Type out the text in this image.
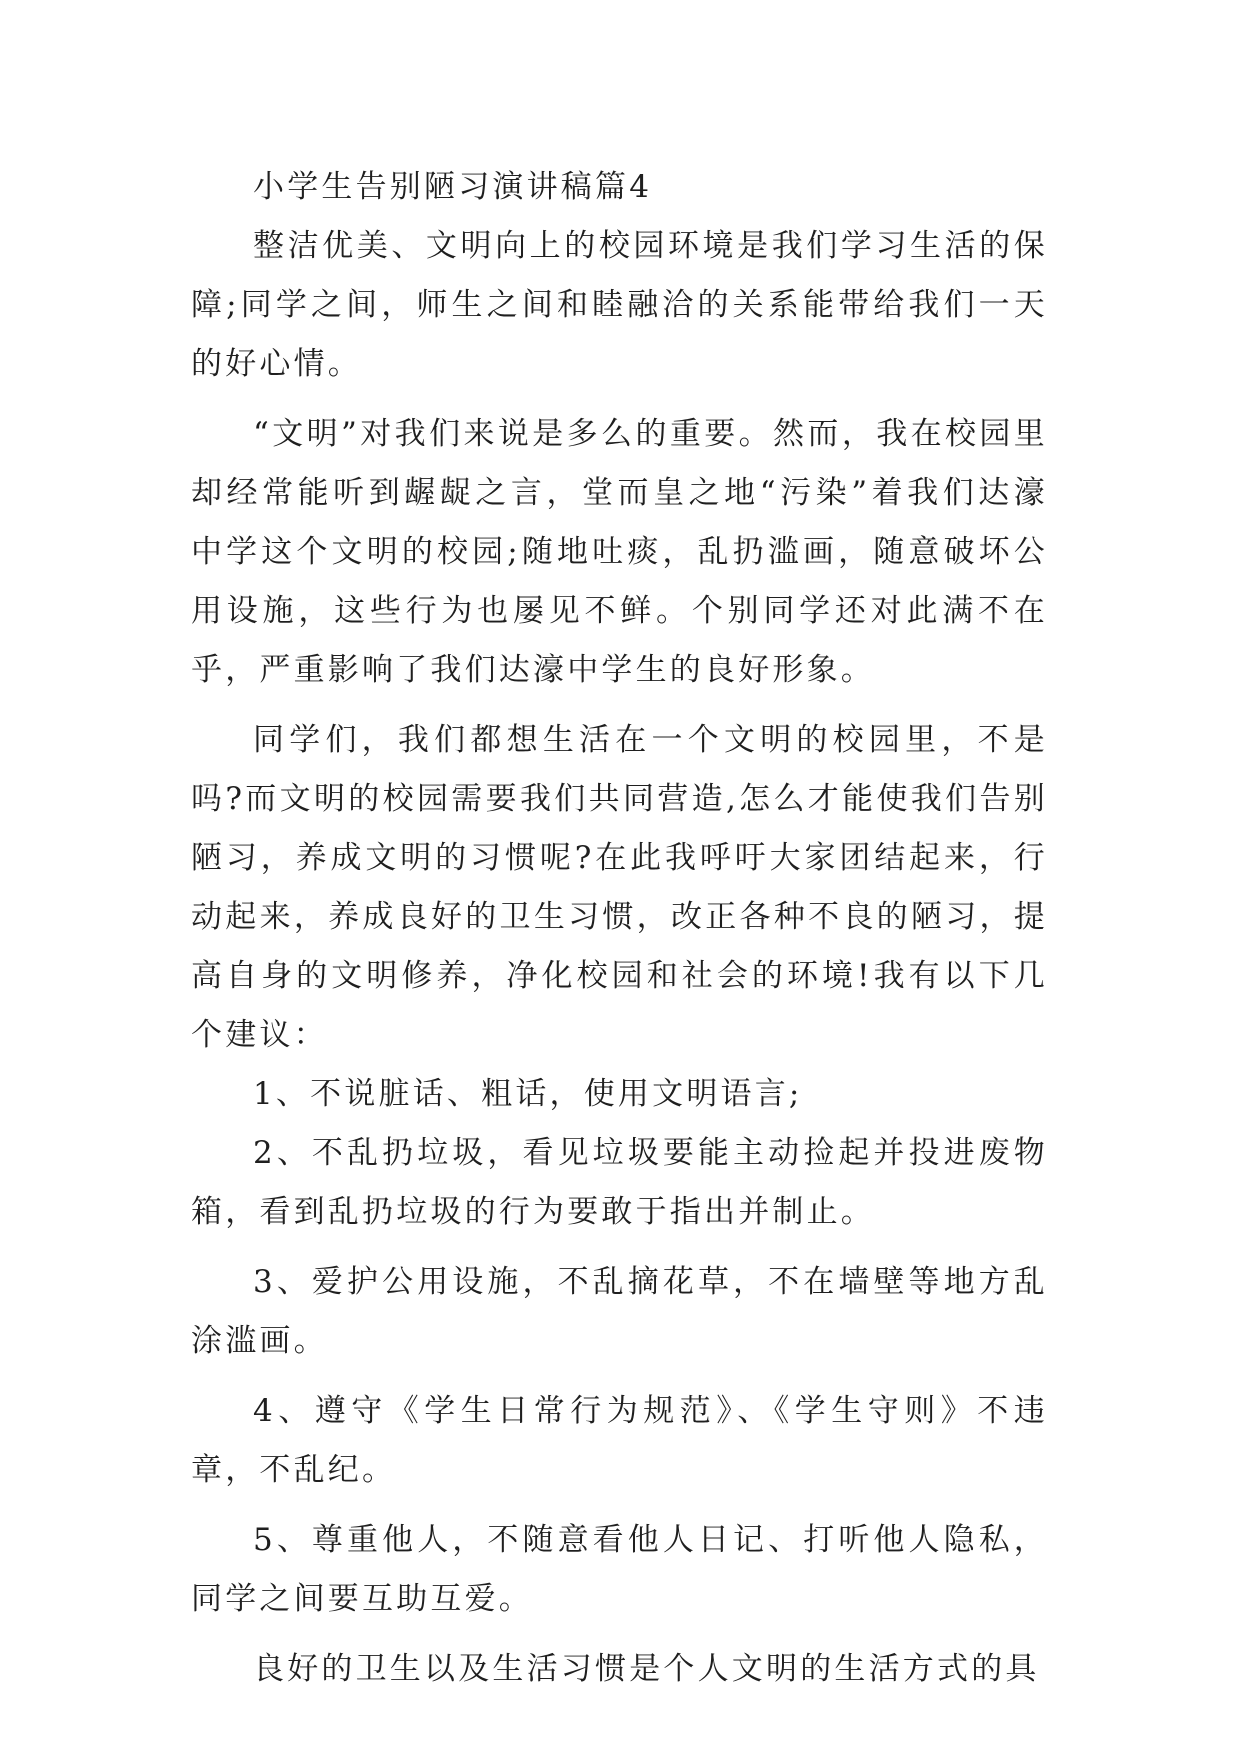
小学生告别陋习演讲稿篇4

整洁优美、文明向上的校园环境是我们学习生活的保障;同学之间，师生之间和睦融洽的关系能带给我们一天的好心情。

“文明”对我们来说是多么的重要。然而，我在校园里却经常能听到龌龊之言，堂而皇之地“污染”着我们达濠中学这个文明的校园;随地吐痰，乱扔滥画，随意破坏公用设施，这些行为也屡见不鲜。个别同学还对此满不在乎，严重影响了我们达濠中学生的良好形象。

同学们，我们都想生活在一个文明的校园里，不是吗?而文明的校园需要我们共同营造,怎么才能使我们告别陋习，养成文明的习惯呢?在此我呼吁大家团结起来，行动起来，养成良好的卫生习惯，改正各种不良的陋习，提高自身的文明修养，净化校园和社会的环境!我有以下几个建议：

1、不说脏话、粗话，使用文明语言;

2、不乱扔垃圾，看见垃圾要能主动捡起并投进废物箱，看到乱扔垃圾的行为要敢于指出并制止。

3、爱护公用设施，不乱摘花草，不在墙壁等地方乱涂滥画。

4、遵守《学生日常行为规范》、《学生守则》不违章，不乱纪。

5、尊重他人，不随意看他人日记、打听他人隐私，同学之间要互助互爱。

良好的卫生以及生活习惯是个人文明的生活方式的具
